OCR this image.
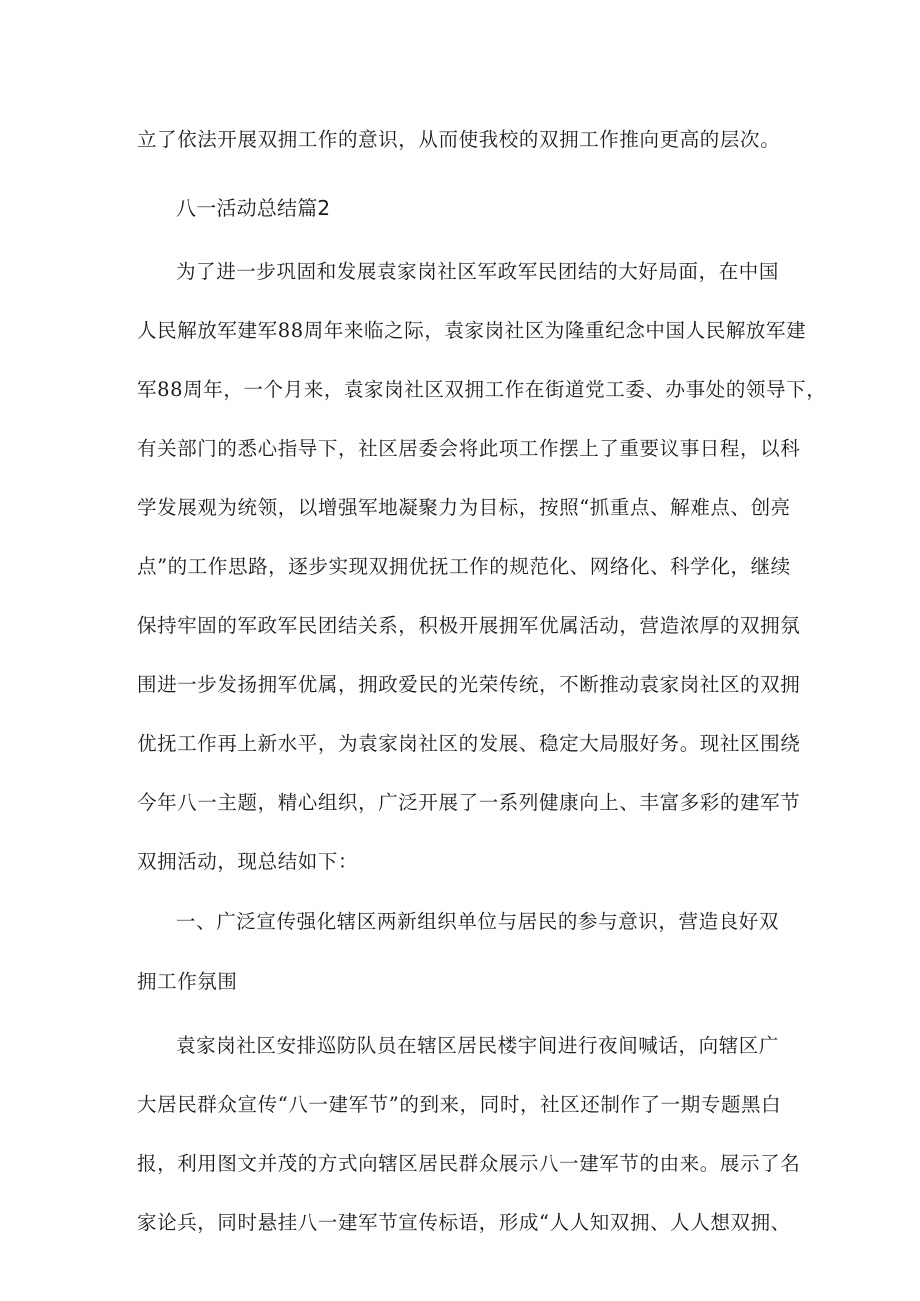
立了依法开展双拥工作的意识，从而使我校的双拥工作推向更高的层次。
八一活动总结篇2
为了进一步巩固和发展袁家岗社区军政军民团结的大好局面，在中国
人民解放军建军88周年来临之际，袁家岗社区为隆重纪念中国人民解放军建
军88周年，一个月来，袁家岗社区双拥工作在街道党工委、办事处的领导下，
有关部门的悉心指导下，社区居委会将此项工作摆上了重要议事日程，以科
学发展观为统领，以增强军地凝聚力为目标，按照“抓重点、解难点、创亮
点”的工作思路，逐步实现双拥优抚工作的规范化、网络化、科学化，继续
保持牢固的军政军民团结关系，积极开展拥军优属活动，营造浓厚的双拥氛
围进一步发扬拥军优属，拥政爱民的光荣传统，不断推动袁家岗社区的双拥
优抚工作再上新水平，为袁家岗社区的发展、稳定大局服好务。现社区围绕
今年八一主题，精心组织，广泛开展了一系列健康向上、丰富多彩的建军节
双拥活动，现总结如下：
一、广泛宣传强化辖区两新组织单位与居民的参与意识，营造良好双
拥工作氛围
袁家岗社区安排巡防队员在辖区居民楼宇间进行夜间喊话，向辖区广
大居民群众宣传“八一建军节”的到来，同时，社区还制作了一期专题黑白
报，利用图文并茂的方式向辖区居民群众展示八一建军节的由来。展示了名
家论兵，同时悬挂八一建军节宣传标语，形成“人人知双拥、人人想双拥、
